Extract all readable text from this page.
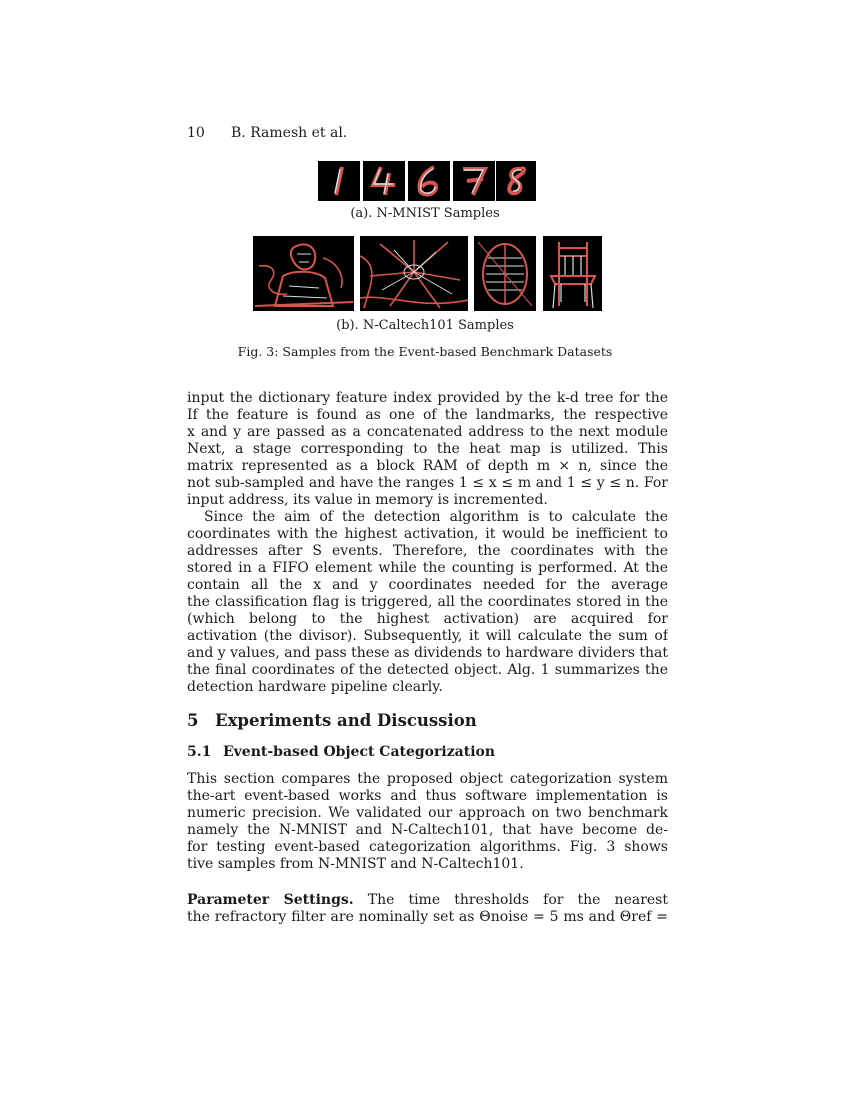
10 B. Ramesh et al.
(a). N-MNIST Samples
(b). N-Caltech101 Samples
Fig. 3: Samples from the Event-based Benchmark Datasets
input the dictionary feature index provided by the k-d tree for the
If the feature is found as one of the landmarks, the respective
x and y are passed as a concatenated address to the next module
Next, a stage corresponding to the heat map is utilized. This
matrix represented as a block RAM of depth m × n, since the
not sub-sampled and have the ranges 1 ≤ x ≤ m and 1 ≤ y ≤ n. For
input address, its value in memory is incremented.
Since the aim of the detection algorithm is to calculate the
coordinates with the highest activation, it would be inefficient to
addresses after S events. Therefore, the coordinates with the
stored in a FIFO element while the counting is performed. At the
contain all the x and y coordinates needed for the average
the classification flag is triggered, all the coordinates stored in the
(which belong to the highest activation) are acquired for
activation (the divisor). Subsequently, it will calculate the sum of
and y values, and pass these as dividends to hardware dividers that
the final coordinates of the detected object. Alg. 1 summarizes the
detection hardware pipeline clearly.
5 Experiments and Discussion
5.1 Event-based Object Categorization
This section compares the proposed object categorization system
the-art event-based works and thus software implementation is
numeric precision. We validated our approach on two benchmark
namely the N-MNIST and N-Caltech101, that have become de-
for testing event-based categorization algorithms. Fig. 3 shows
tive samples from N-MNIST and N-Caltech101.
Parameter Settings. The time thresholds for the nearest
the refractory filter are nominally set as Θnoise = 5 ms and Θref =
